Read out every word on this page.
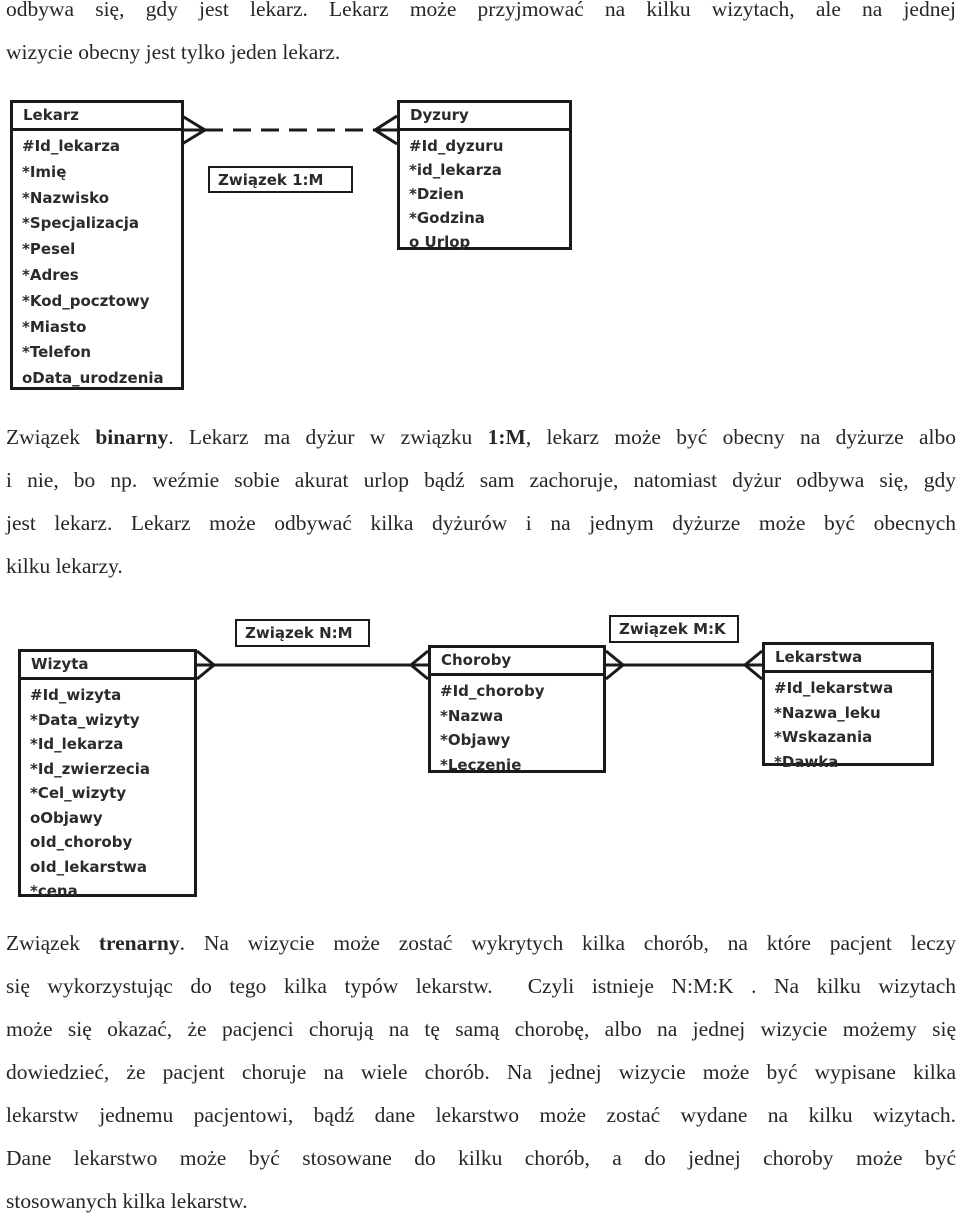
odbywa się, gdy jest lekarz. Lekarz może przyjmować na kilku wizytach, ale na jednej
wizycie obecny jest tylko jeden lekarz.
Lekarz
#Id_lekarza
*Imię
*Nazwisko
*Specjalizacja
*Pesel
*Adres
*Kod_pocztowy
*Miasto
*Telefon
oData_urodzenia
Związek 1:M
Dyzury
#Id_dyzuru
*id_lekarza
*Dzien
*Godzina
o Urlop
Związek binarny. Lekarz ma dyżur w związku 1:M, lekarz może być obecny na dyżurze albo
i nie, bo np. weźmie sobie akurat urlop bądź sam zachoruje, natomiast dyżur odbywa się, gdy
jest lekarz. Lekarz może odbywać kilka dyżurów i na jednym dyżurze może być obecnych
kilku lekarzy.
Związek N:M	Związek M:K
Wizyta
#Id_wizyta
*Data_wizyty
*Id_lekarza
*Id_zwierzecia
*Cel_wizyty
oObjawy
oId_choroby
oId_lekarstwa
*cena
Choroby
#Id_choroby
*Nazwa
*Objawy
*Leczenie
Lekarstwa
#Id_lekarstwa
*Nazwa_leku
*Wskazania
*Dawka
Związek trenarny. Na wizycie może zostać wykrytych kilka chorób, na które pacjent leczy
się wykorzystując do tego kilka typów lekarstw.  Czyli istnieje N:M:K . Na kilku wizytach
może się okazać, że pacjenci chorują na tę samą chorobę, albo na jednej wizycie możemy się
dowiedzieć, że pacjent choruje na wiele chorób. Na jednej wizycie może być wypisane kilka
lekarstw jednemu pacjentowi, bądź dane lekarstwo może zostać wydane na kilku wizytach.
Dane lekarstwo może być stosowane do kilku chorób, a do jednej choroby może być
stosowanych kilka lekarstw.
